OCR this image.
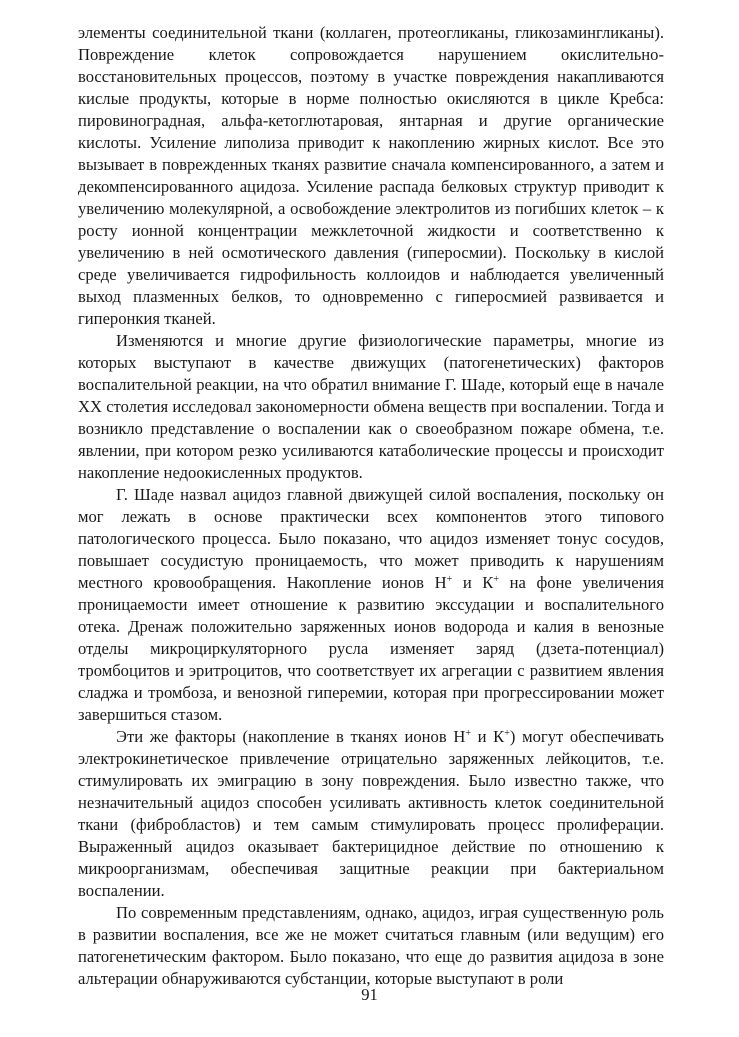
элементы соединительной ткани (коллаген, протеогликаны, гликозамингликаны). Повреждение клеток сопровождается нарушением окислительно-восстановительных процессов, поэтому в участке повреждения накапливаются кислые продукты, которые в норме полностью окисляются в цикле Кребса: пировиноградная, альфа-кетоглютаровая, янтарная и другие органические кислоты. Усиление липолиза приводит к накоплению жирных кислот. Все это вызывает в поврежденных тканях развитие сначала компенсированного, а затем и декомпенсированного ацидоза. Усиление распада белковых структур приводит к увеличению молекулярной, а освобождение электролитов из погибших клеток – к росту ионной концентрации межклеточной жидкости и соответственно к увеличению в ней осмотического давления (гиперосмии). Поскольку в кислой среде увеличивается гидрофильность коллоидов и наблюдается увеличенный выход плазменных белков, то одновременно с гиперосмией развивается и гиперонкия тканей.

Изменяются и многие другие физиологические параметры, многие из которых выступают в качестве движущих (патогенетических) факторов воспалительной реакции, на что обратил внимание Г. Шаде, который еще в начале XX столетия исследовал закономерности обмена веществ при воспалении. Тогда и возникло представление о воспалении как о своеобразном пожаре обмена, т.е. явлении, при котором резко усиливаются катаболические процессы и происходит накопление недоокисленных продуктов.

Г. Шаде назвал ацидоз главной движущей силой воспаления, поскольку он мог лежать в основе практически всех компонентов этого типового патологического процесса. Было показано, что ацидоз изменяет тонус сосудов, повышает сосудистую проницаемость, что может приводить к нарушениям местного кровообращения. Накопление ионов Н+ и К+ на фоне увеличения проницаемости имеет отношение к развитию экссудации и воспалительного отека. Дренаж положительно заряженных ионов водорода и калия в венозные отделы микроциркуляторного русла изменяет заряд (дзета-потенциал) тромбоцитов и эритроцитов, что соответствует их агрегации с развитием явления сладжа и тромбоза, и венозной гиперемии, которая при прогрессировании может завершиться стазом.

Эти же факторы (накопление в тканях ионов Н+ и К+) могут обеспечивать электрокинетическое привлечение отрицательно заряженных лейкоцитов, т.е. стимулировать их эмиграцию в зону повреждения. Было известно также, что незначительный ацидоз способен усиливать активность клеток соединительной ткани (фибробластов) и тем самым стимулировать процесс пролиферации. Выраженный ацидоз оказывает бактерицидное действие по отношению к микроорганизмам, обеспечивая защитные реакции при бактериальном воспалении.

По современным представлениям, однако, ацидоз, играя существенную роль в развитии воспаления, все же не может считаться главным (или ведущим) его патогенетическим фактором. Было показано, что еще до развития ацидоза в зоне альтерации обнаруживаются субстанции, которые выступают в роли

91
